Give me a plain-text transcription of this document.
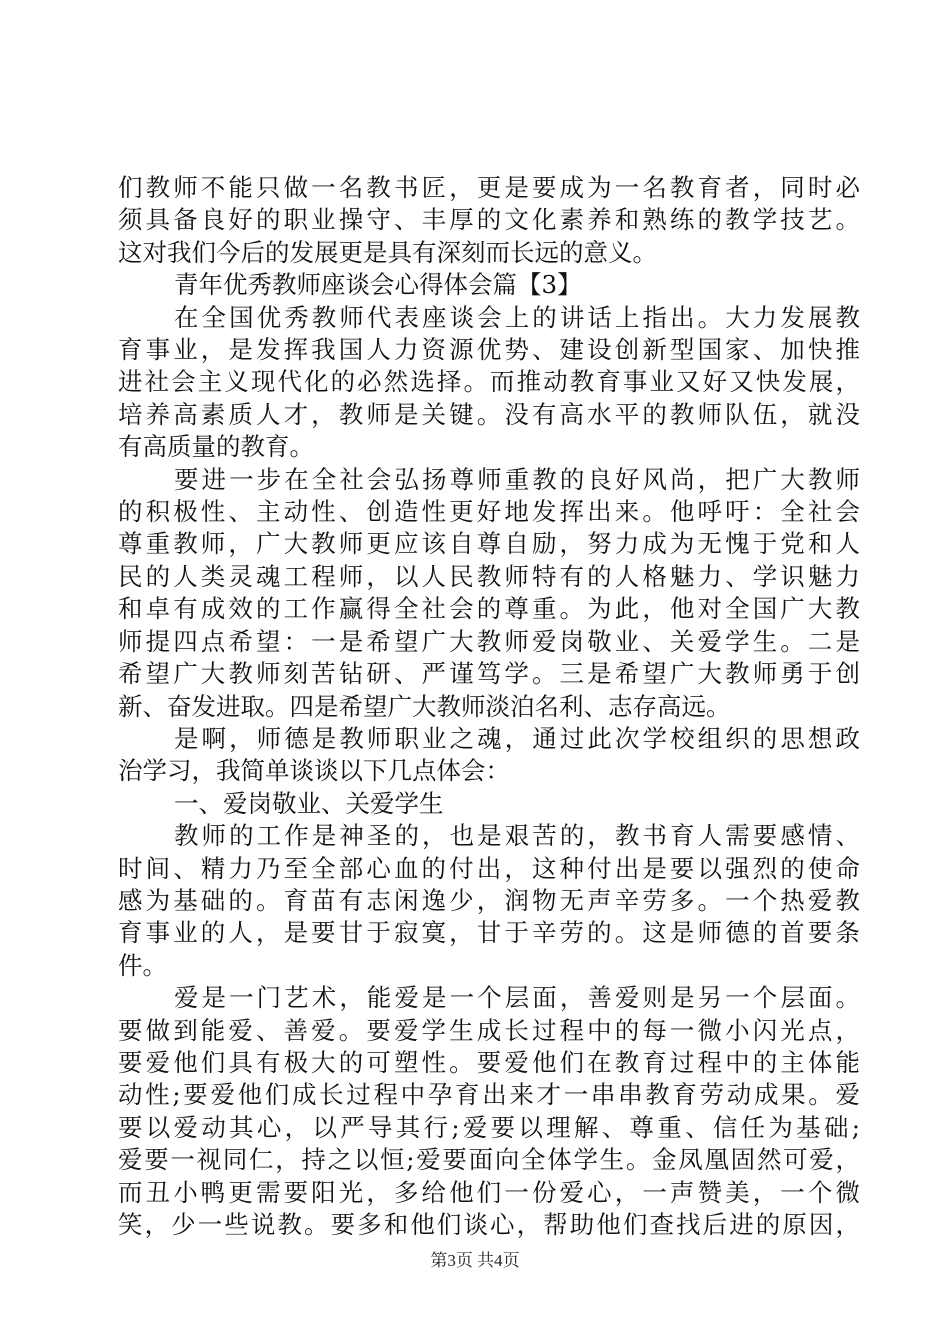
们教师不能只做一名教书匠，更是要成为一名教育者，同时必
须具备良好的职业操守、丰厚的文化素养和熟练的教学技艺。
这对我们今后的发展更是具有深刻而长远的意义。
青年优秀教师座谈会心得体会篇【3】
在全国优秀教师代表座谈会上的讲话上指出。大力发展教
育事业，是发挥我国人力资源优势、建设创新型国家、加快推
进社会主义现代化的必然选择。而推动教育事业又好又快发展，
培养高素质人才，教师是关键。没有高水平的教师队伍，就没
有高质量的教育。
要进一步在全社会弘扬尊师重教的良好风尚，把广大教师
的积极性、主动性、创造性更好地发挥出来。他呼吁：全社会
尊重教师，广大教师更应该自尊自励，努力成为无愧于党和人
民的人类灵魂工程师，以人民教师特有的人格魅力、学识魅力
和卓有成效的工作赢得全社会的尊重。为此，他对全国广大教
师提四点希望：一是希望广大教师爱岗敬业、关爱学生。二是
希望广大教师刻苦钻研、严谨笃学。三是希望广大教师勇于创
新、奋发进取。四是希望广大教师淡泊名利、志存高远。
是啊，师德是教师职业之魂，通过此次学校组织的思想政
治学习，我简单谈谈以下几点体会：
一、爱岗敬业、关爱学生
教师的工作是神圣的，也是艰苦的，教书育人需要感情、
时间、精力乃至全部心血的付出，这种付出是要以强烈的使命
感为基础的。育苗有志闲逸少，润物无声辛劳多。一个热爱教
育事业的人，是要甘于寂寞，甘于辛劳的。这是师德的首要条
件。
爱是一门艺术，能爱是一个层面，善爱则是另一个层面。
要做到能爱、善爱。要爱学生成长过程中的每一微小闪光点，
要爱他们具有极大的可塑性。要爱他们在教育过程中的主体能
动性;要爱他们成长过程中孕育出来才一串串教育劳动成果。爱
要以爱动其心，以严导其行;爱要以理解、尊重、信任为基础;
爱要一视同仁，持之以恒;爱要面向全体学生。金凤凰固然可爱，
而丑小鸭更需要阳光，多给他们一份爱心，一声赞美，一个微
笑，少一些说教。要多和他们谈心，帮助他们查找后进的原因，
第3页 共4页
